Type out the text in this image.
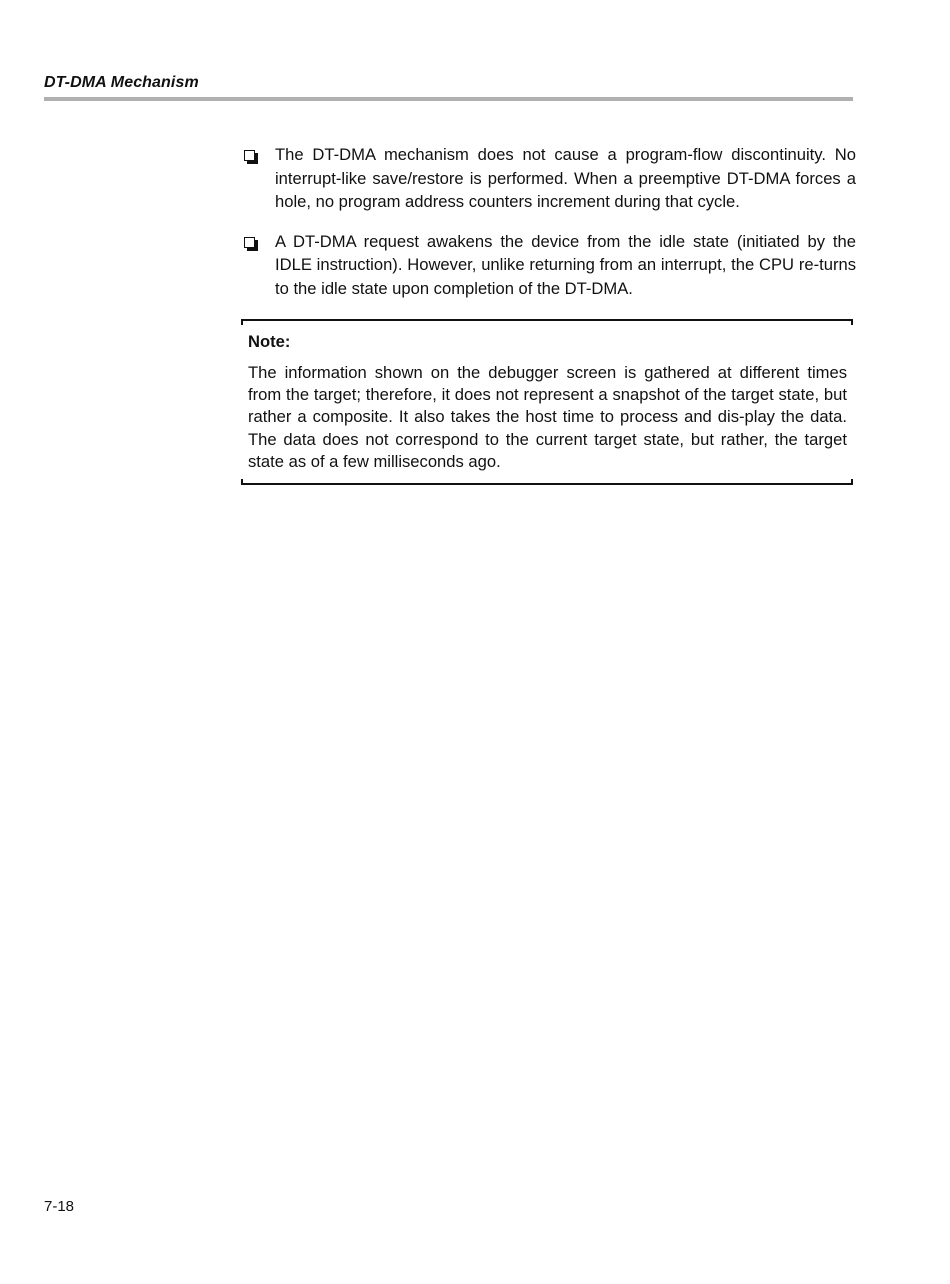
DT-DMA Mechanism
The DT-DMA mechanism does not cause a program-flow discontinuity. No interrupt-like save/restore is performed. When a preemptive DT-DMA forces a hole, no program address counters increment during that cycle.
A DT-DMA request awakens the device from the idle state (initiated by the IDLE instruction). However, unlike returning from an interrupt, the CPU re-turns to the idle state upon completion of the DT-DMA.
Note:
The information shown on the debugger screen is gathered at different times from the target; therefore, it does not represent a snapshot of the target state, but rather a composite. It also takes the host time to process and dis-play the data. The data does not correspond to the current target state, but rather, the target state as of a few milliseconds ago.
7-18
